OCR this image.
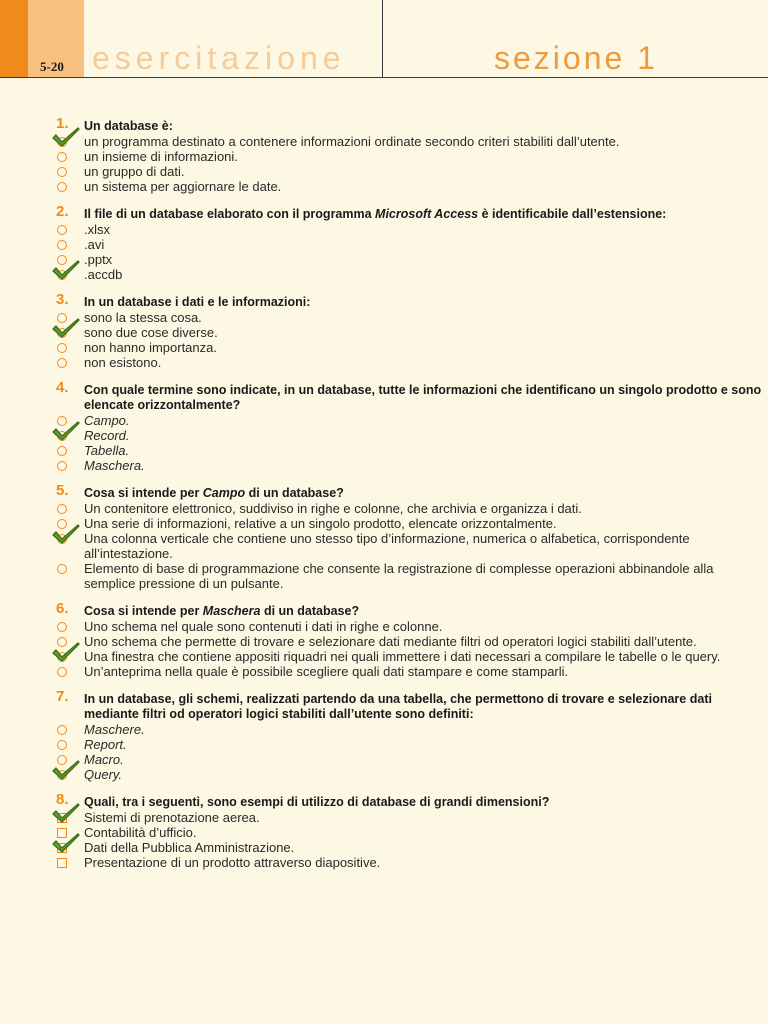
5-20 esercitazione	sezione 1
1. Un database è:
un programma destinato a contenere informazioni ordinate secondo criteri stabiliti dall’utente.
un insieme di informazioni.
un gruppo di dati.
un sistema per aggiornare le date.
2. Il file di un database elaborato con il programma Microsoft Access è identificabile dall’estensione:
.xlsx
.avi
.pptx
.accdb
3. In un database i dati e le informazioni:
sono la stessa cosa.
sono due cose diverse.
non hanno importanza.
non esistono.
4. Con quale termine sono indicate, in un database, tutte le informazioni che identificano un singolo prodotto e sono elencate orizzontalmente?
Campo.
Record.
Tabella.
Maschera.
5. Cosa si intende per Campo di un database?
Un contenitore elettronico, suddiviso in righe e colonne, che archivia e organizza i dati.
Una serie di informazioni, relative a un singolo prodotto, elencate orizzontalmente.
Una colonna verticale che contiene uno stesso tipo d’informazione, numerica o alfabetica, corrispondente all’intestazione.
Elemento di base di programmazione che consente la registrazione di complesse operazioni abbinandole alla semplice pressione di un pulsante.
6. Cosa si intende per Maschera di un database?
Uno schema nel quale sono contenuti i dati in righe e colonne.
Uno schema che permette di trovare e selezionare dati mediante filtri od operatori logici stabiliti dall’utente.
Una finestra che contiene appositi riquadri nei quali immettere i dati necessari a compilare le tabelle o le query.
Un’anteprima nella quale è possibile scegliere quali dati stampare e come stamparli.
7. In un database, gli schemi, realizzati partendo da una tabella, che permettono di trovare e selezionare dati mediante filtri od operatori logici stabiliti dall’utente sono definiti:
Maschere.
Report.
Macro.
Query.
8. Quali, tra i seguenti, sono esempi di utilizzo di database di grandi dimensioni?
Sistemi di prenotazione aerea.
Contabilità d’ufficio.
Dati della Pubblica Amministrazione.
Presentazione di un prodotto attraverso diapositive.
